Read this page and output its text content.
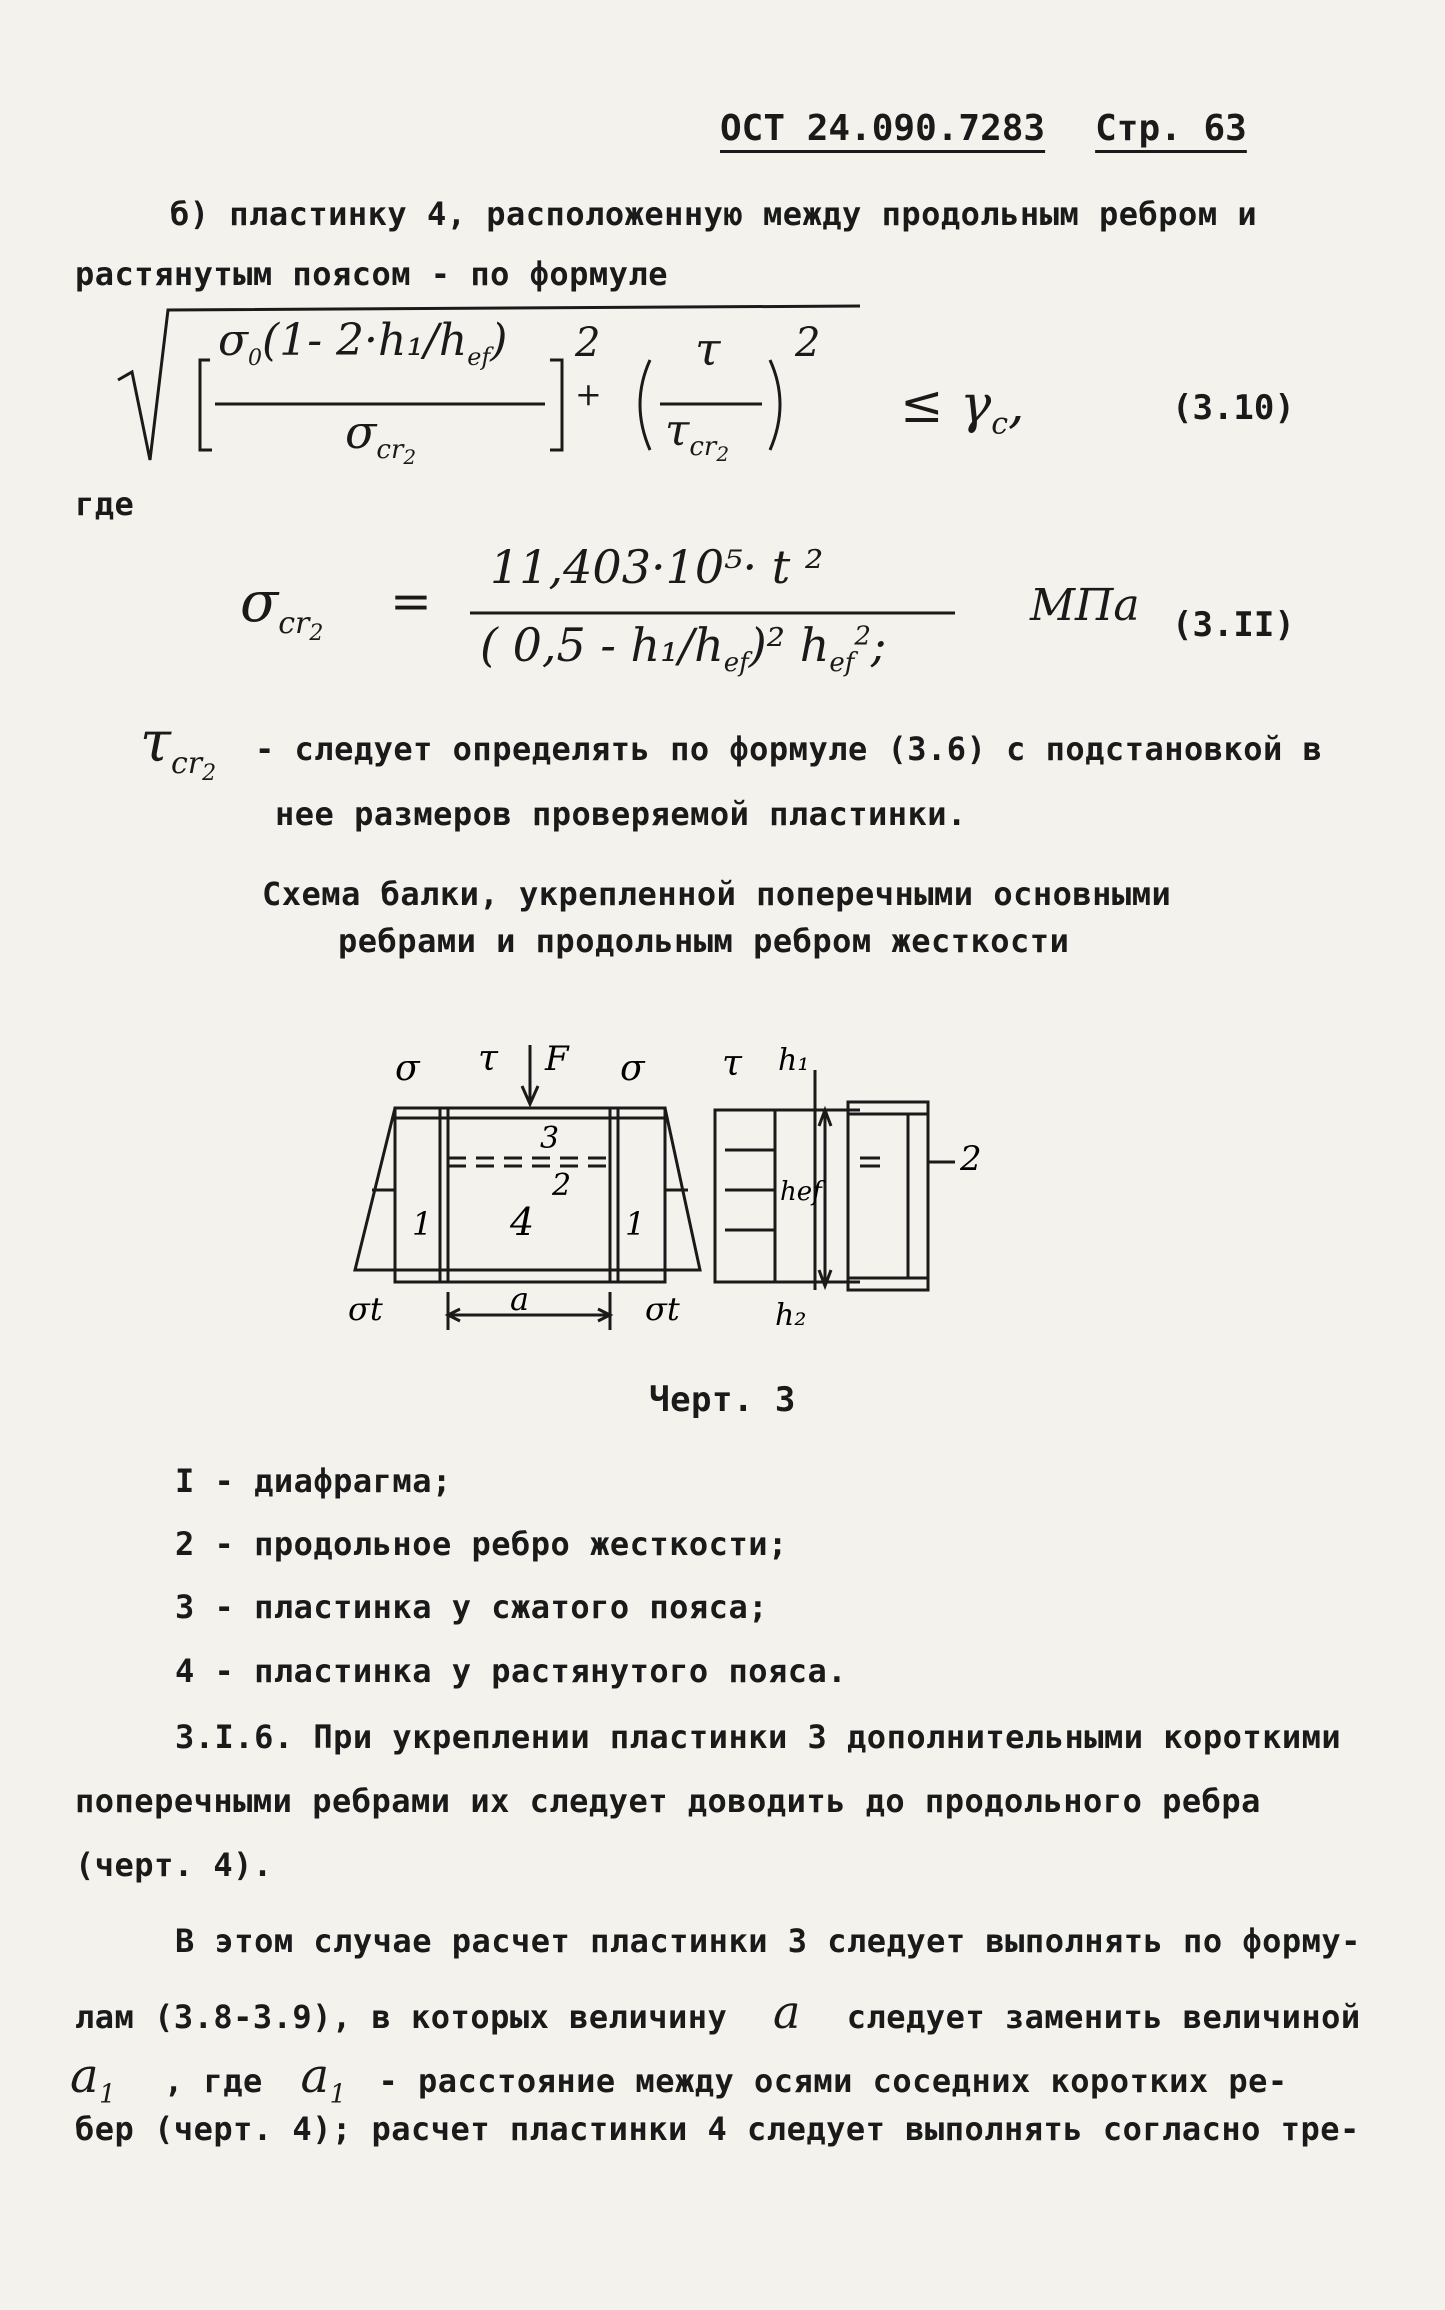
ОСТ 24.090.7283 Стр. 63
б) пластинку 4, расположенную между продольным ребром и
растянутым поясом - по формуле
$\sigma_0(1-$ $2\cdot h_1/h_{ef}$)
$\sigma_{cr_2}$
2
+
τ
$\tau_{cr_2}$
2
≤ $\gamma_c$,	(3.10)
где
$\sigma_{cr_2}$
=
11,403·10⁵· t ²
( $0,5 - h_1/h_{ef})^2$ $h_{ef}^2$;
МПа (3.II)
$\tau_{cr_2}$
- следует определять по формуле (3.6) с подстановкой в
нее размеров проверяемой пластинки.
Схема балки, укрепленной поперечными основными
ребрами и продольным ребром жесткости
σ τ F σ
3
2
1 4	1
σt	a	σt
τ h₁
hef
h₂
2
Черт. 3
I - диафрагма;
2 - продольное ребро жесткости;
3 - пластинка у сжатого пояса;
4 - пластинка у растянутого пояса.
3.I.6. При укреплении пластинки 3 дополнительными короткими
поперечными ребрами их следует доводить до продольного ребра
(черт. 4).
В этом случае расчет пластинки 3 следует выполнять по форму-
лам (3.8-3.9), в которых величину a следует заменить величиной
$a_1$ , где $a_1$ - расстояние между осями соседних коротких ре-
бер (черт. 4); расчет пластинки 4 следует выполнять согласно тре-
